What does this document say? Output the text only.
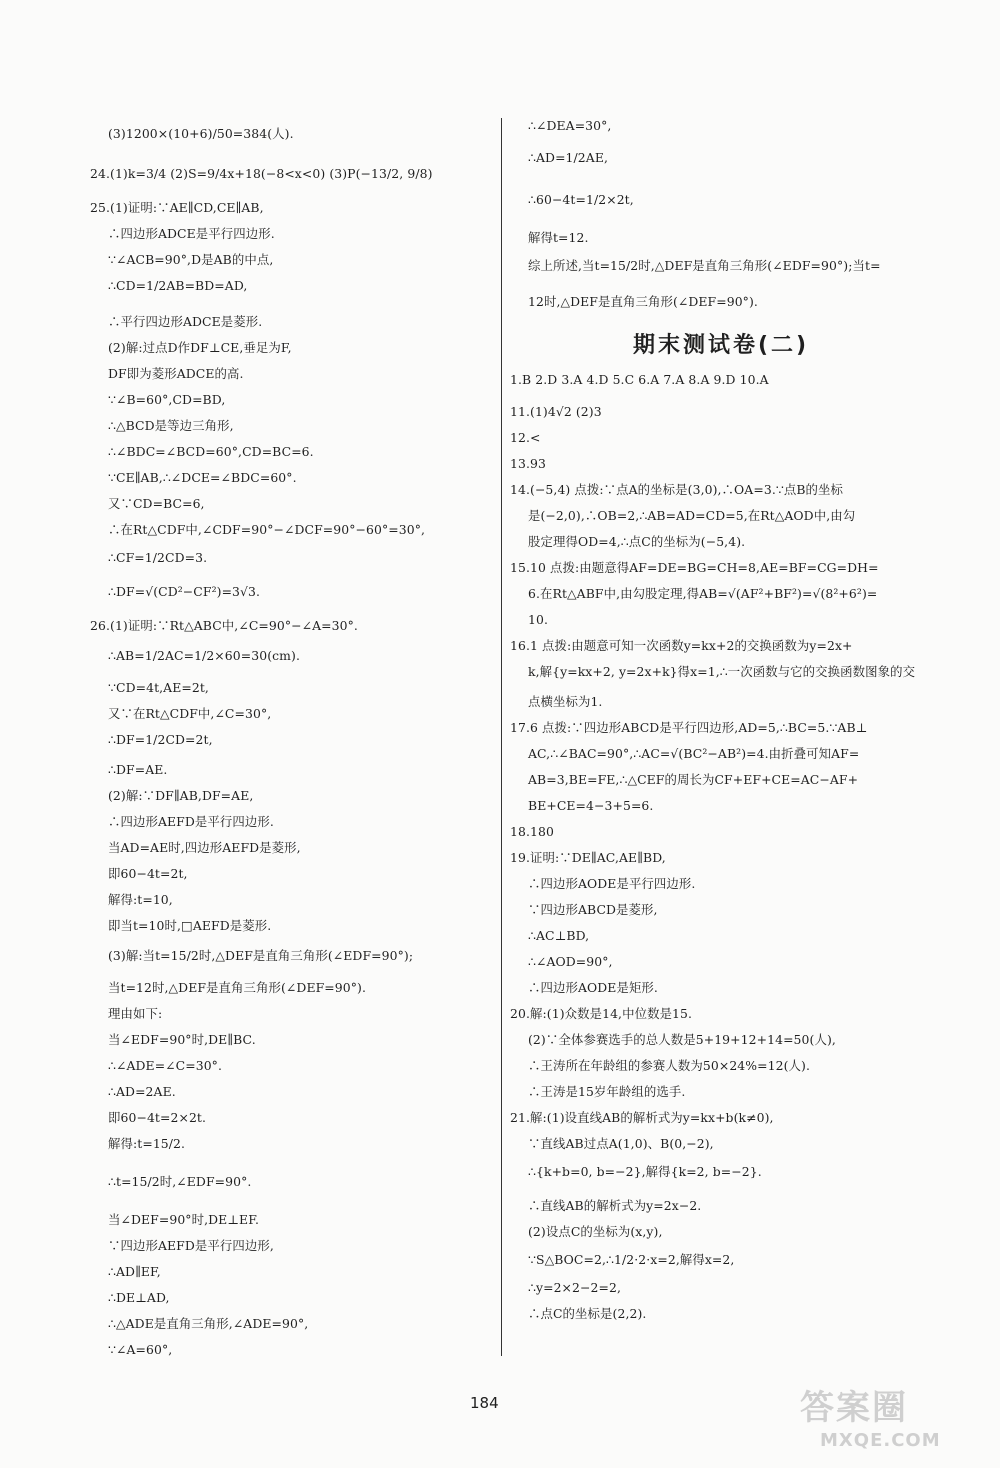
(3)1200×(10+6)/50=384(人).
24.(1)k=3/4 (2)S=9/4x+18(−8<x<0) (3)P(−13/2, 9/8)
25.(1)证明:∵AE∥CD,CE∥AB,
∴四边形ADCE是平行四边形.
∵∠ACB=90°,D是AB的中点,
∴CD=1/2AB=BD=AD,
∴平行四边形ADCE是菱形.
(2)解:过点D作DF⊥CE,垂足为F,
DF即为菱形ADCE的高.
∵∠B=60°,CD=BD,
∴△BCD是等边三角形,
∴∠BDC=∠BCD=60°,CD=BC=6.
∵CE∥AB,∴∠DCE=∠BDC=60°.
又∵CD=BC=6,
∴在Rt△CDF中,∠CDF=90°−∠DCF=90°−60°=30°,
∴CF=1/2CD=3.
∴DF=√(CD²−CF²)=3√3.
26.(1)证明:∵Rt△ABC中,∠C=90°−∠A=30°.
∴AB=1/2AC=1/2×60=30(cm).
∵CD=4t,AE=2t,
又∵在Rt△CDF中,∠C=30°,
∴DF=1/2CD=2t,
∴DF=AE.
(2)解:∵DF∥AB,DF=AE,
∴四边形AEFD是平行四边形.
当AD=AE时,四边形AEFD是菱形,
即60−4t=2t,
解得:t=10,
即当t=10时,□AEFD是菱形.
(3)解:当t=15/2时,△DEF是直角三角形(∠EDF=90°);
当t=12时,△DEF是直角三角形(∠DEF=90°).
理由如下:
当∠EDF=90°时,DE∥BC.
∴∠ADE=∠C=30°.
∴AD=2AE.
即60−4t=2×2t.
解得:t=15/2.
∴t=15/2时,∠EDF=90°.
当∠DEF=90°时,DE⊥EF.
∵四边形AEFD是平行四边形,
∴AD∥EF,
∴DE⊥AD,
∴△ADE是直角三角形,∠ADE=90°,
∵∠A=60°,
期末测试卷(二)
∴∠DEA=30°,
∴AD=1/2AE,
∴60−4t=1/2×2t,
解得t=12.
综上所述,当t=15/2时,△DEF是直角三角形(∠EDF=90°);当t=
12时,△DEF是直角三角形(∠DEF=90°).
1.B 2.D 3.A 4.D 5.C 6.A 7.A 8.A 9.D 10.A
11.(1)4√2 (2)3
12.<
13.93
14.(−5,4) 点拨:∵点A的坐标是(3,0),∴OA=3.∵点B的坐标
是(−2,0),∴OB=2,∴AB=AD=CD=5,在Rt△AOD中,由勾
股定理得OD=4,∴点C的坐标为(−5,4).
15.10 点拨:由题意得AF=DE=BG=CH=8,AE=BF=CG=DH=
6.在Rt△ABF中,由勾股定理,得AB=√(AF²+BF²)=√(8²+6²)=
10.
16.1 点拨:由题意可知一次函数y=kx+2的交换函数为y=2x+
k,解{y=kx+2, y=2x+k}得x=1,∴一次函数与它的交换函数图象的交
点横坐标为1.
17.6 点拨:∵四边形ABCD是平行四边形,AD=5,∴BC=5.∵AB⊥
AC,∴∠BAC=90°,∴AC=√(BC²−AB²)=4.由折叠可知AF=
AB=3,BE=FE,∴△CEF的周长为CF+EF+CE=AC−AF+
BE+CE=4−3+5=6.
18.180
19.证明:∵DE∥AC,AE∥BD,
∴四边形AODE是平行四边形.
∵四边形ABCD是菱形,
∴AC⊥BD,
∴∠AOD=90°,
∴四边形AODE是矩形.
20.解:(1)众数是14,中位数是15.
(2)∵全体参赛选手的总人数是5+19+12+14=50(人),
∴王涛所在年龄组的参赛人数为50×24%=12(人).
∴王涛是15岁年龄组的选手.
21.解:(1)设直线AB的解析式为y=kx+b(k≠0),
∵直线AB过点A(1,0)、B(0,−2),
∴{k+b=0, b=−2},解得{k=2, b=−2}.
∴直线AB的解析式为y=2x−2.
(2)设点C的坐标为(x,y),
∵S△BOC=2,∴1/2·2·x=2,解得x=2,
∴y=2×2−2=2,
∴点C的坐标是(2,2).
184	答案圈
MXQE.COM
